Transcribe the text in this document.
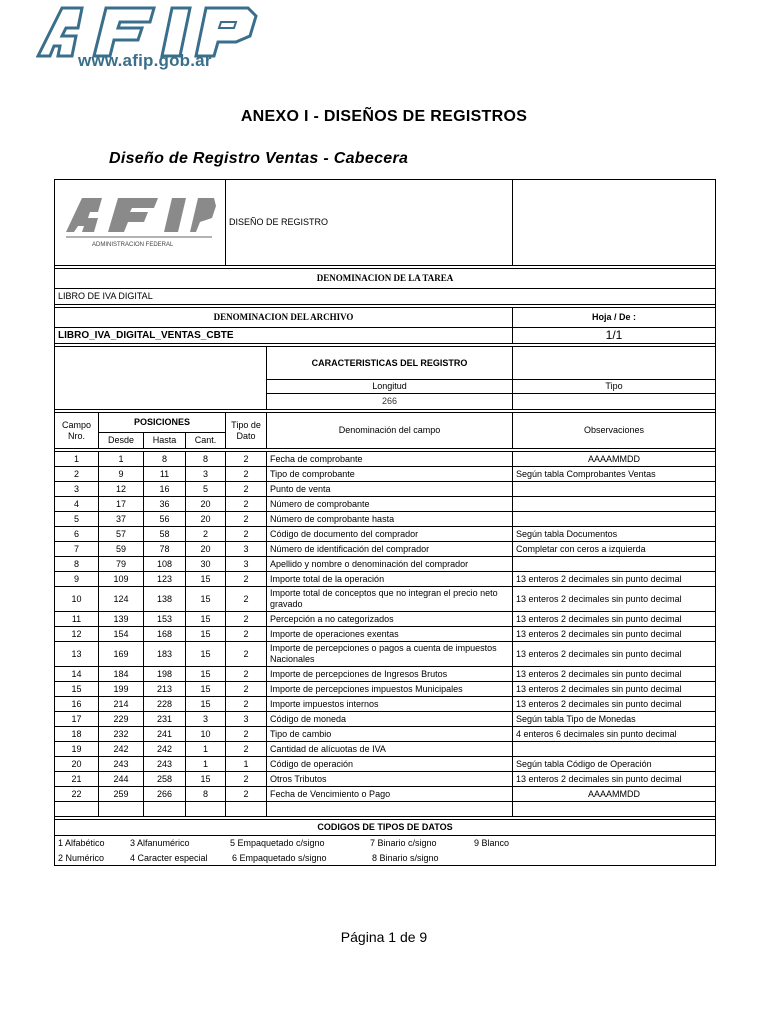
www.afip.gob.ar
ANEXO I - DISEÑOS DE REGISTROS
Diseño de Registro Ventas - Cabecera
ADMINISTRACION FEDERAL				DISEÑO DE REGISTRO		

DENOMINACION DE LA TAREA						
LIBRO DE IVA DIGITAL						

DENOMINACION DEL ARCHIVO						Hoja / De :
LIBRO_IVA_DIGITAL_VENTAS_CBTE						1/1

					CARACTERISTICAS DEL REGISTRO	
					Longitud	Tipo
					266	

Campo Nro.	POSICIONES			Tipo de Dato	Denominación del campo	Observaciones
	Desde	Hasta	Cant.			

1	1	8	8	2	Fecha de comprobante	AAAAMMDD
2	9	11	3	2	Tipo de comprobante	Según tabla Comprobantes Ventas
3	12	16	5	2	Punto de venta	
4	17	36	20	2	Número de comprobante	
5	37	56	20	2	Número de comprobante hasta	
6	57	58	2	2	Código de documento del comprador	Según tabla Documentos
7	59	78	20	3	Número de identificación del comprador	Completar con ceros a izquierda
8	79	108	30	3	Apellido y nombre o denominación del comprador	
9	109	123	15	2	Importe total de la operación	13 enteros 2 decimales sin punto decimal
10	124	138	15	2	Importe total de conceptos que no integran el precio neto gravado	13 enteros 2 decimales sin punto decimal
11	139	153	15	2	Percepción a no categorizados	13 enteros 2 decimales sin punto decimal
12	154	168	15	2	Importe de operaciones exentas	13 enteros 2 decimales sin punto decimal
13	169	183	15	2	Importe de percepciones o pagos a cuenta de impuestos Nacionales	13 enteros 2 decimales sin punto decimal
14	184	198	15	2	Importe de percepciones de Ingresos Brutos	13 enteros 2 decimales sin punto decimal
15	199	213	15	2	Importe de percepciones impuestos Municipales	13 enteros 2 decimales sin punto decimal
16	214	228	15	2	Importe impuestos internos	13 enteros 2 decimales sin punto decimal
17	229	231	3	3	Código de moneda	Según tabla Tipo de Monedas
18	232	241	10	2	Tipo de cambio	4 enteros 6 decimales sin punto decimal
19	242	242	1	2	Cantidad de alícuotas de IVA	
20	243	243	1	1	Código de operación	Según tabla Código de Operación
21	244	258	15	2	Otros Tributos	13 enteros 2 decimales sin punto decimal
22	259	266	8	2	Fecha de Vencimiento o Pago	AAAAMMDD

CODIGOS DE TIPOS DE DATOS						

1 Alfabético 3 Alfanumérico 5 Empaquetado c/signo 7 Binario c/signo 9 Blanco
2 Numérico 4 Caracter especial 6 Empaquetado s/signo 8 Binario s/signo						
Página 1 de 9
